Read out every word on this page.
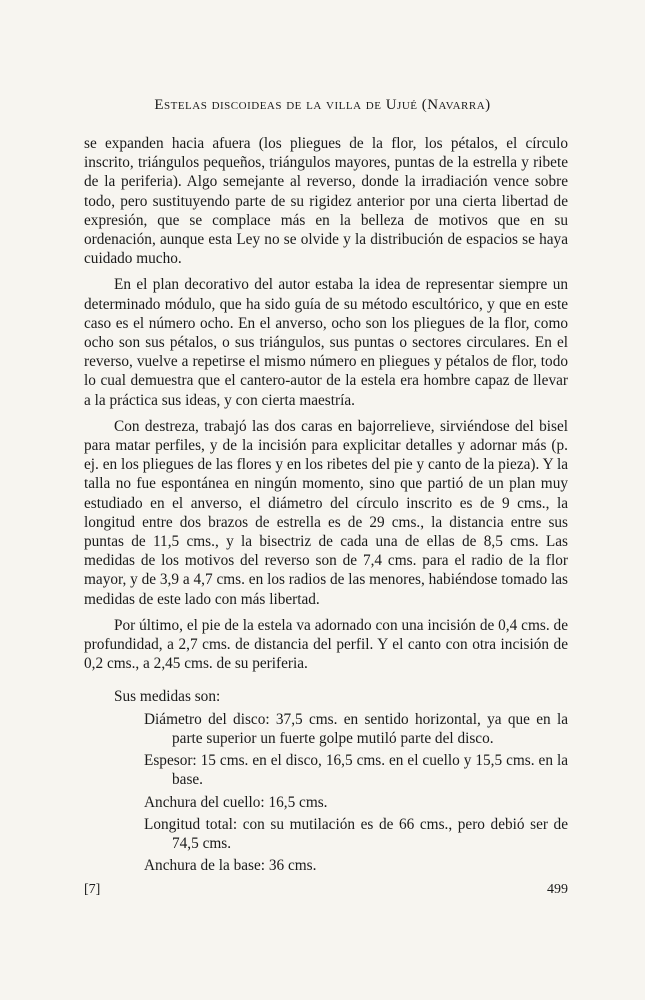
Estelas discoideas de la villa de Ujué (Navarra)

se expanden hacia afuera (los pliegues de la flor, los pétalos, el círculo inscrito, triángulos pequeños, triángulos mayores, puntas de la estrella y ribete de la periferia). Algo semejante al reverso, donde la irradiación vence sobre todo, pero sustituyendo parte de su rigidez anterior por una cierta libertad de expresión, que se complace más en la belleza de motivos que en su ordenación, aunque esta Ley no se olvide y la distribución de espacios se haya cuidado mucho.

En el plan decorativo del autor estaba la idea de representar siempre un determinado módulo, que ha sido guía de su método escultórico, y que en este caso es el número ocho. En el anverso, ocho son los pliegues de la flor, como ocho son sus pétalos, o sus triángulos, sus puntas o sectores circulares. En el reverso, vuelve a repetirse el mismo número en pliegues y pétalos de flor, todo lo cual demuestra que el cantero-autor de la estela era hombre capaz de llevar a la práctica sus ideas, y con cierta maestría.

Con destreza, trabajó las dos caras en bajorrelieve, sirviéndose del bisel para matar perfiles, y de la incisión para explicitar detalles y adornar más (p. ej. en los pliegues de las flores y en los ribetes del pie y canto de la pieza). Y la talla no fue espontánea en ningún momento, sino que partió de un plan muy estudiado en el anverso, el diámetro del círculo inscrito es de 9 cms., la longitud entre dos brazos de estrella es de 29 cms., la distancia entre sus puntas de 11,5 cms., y la bisectriz de cada una de ellas de 8,5 cms. Las medidas de los motivos del reverso son de 7,4 cms. para el radio de la flor mayor, y de 3,9 a 4,7 cms. en los radios de las menores, habiéndose tomado las medidas de este lado con más libertad.

Por último, el pie de la estela va adornado con una incisión de 0,4 cms. de profundidad, a 2,7 cms. de distancia del perfil. Y el canto con otra incisión de 0,2 cms., a 2,45 cms. de su periferia.

Sus medidas son:
Diámetro del disco: 37,5 cms. en sentido horizontal, ya que en la parte superior un fuerte golpe mutiló parte del disco.
Espesor: 15 cms. en el disco, 16,5 cms. en el cuello y 15,5 cms. en la base.
Anchura del cuello: 16,5 cms.
Longitud total: con su mutilación es de 66 cms., pero debió ser de 74,5 cms.
Anchura de la base: 36 cms.
[7]	499
